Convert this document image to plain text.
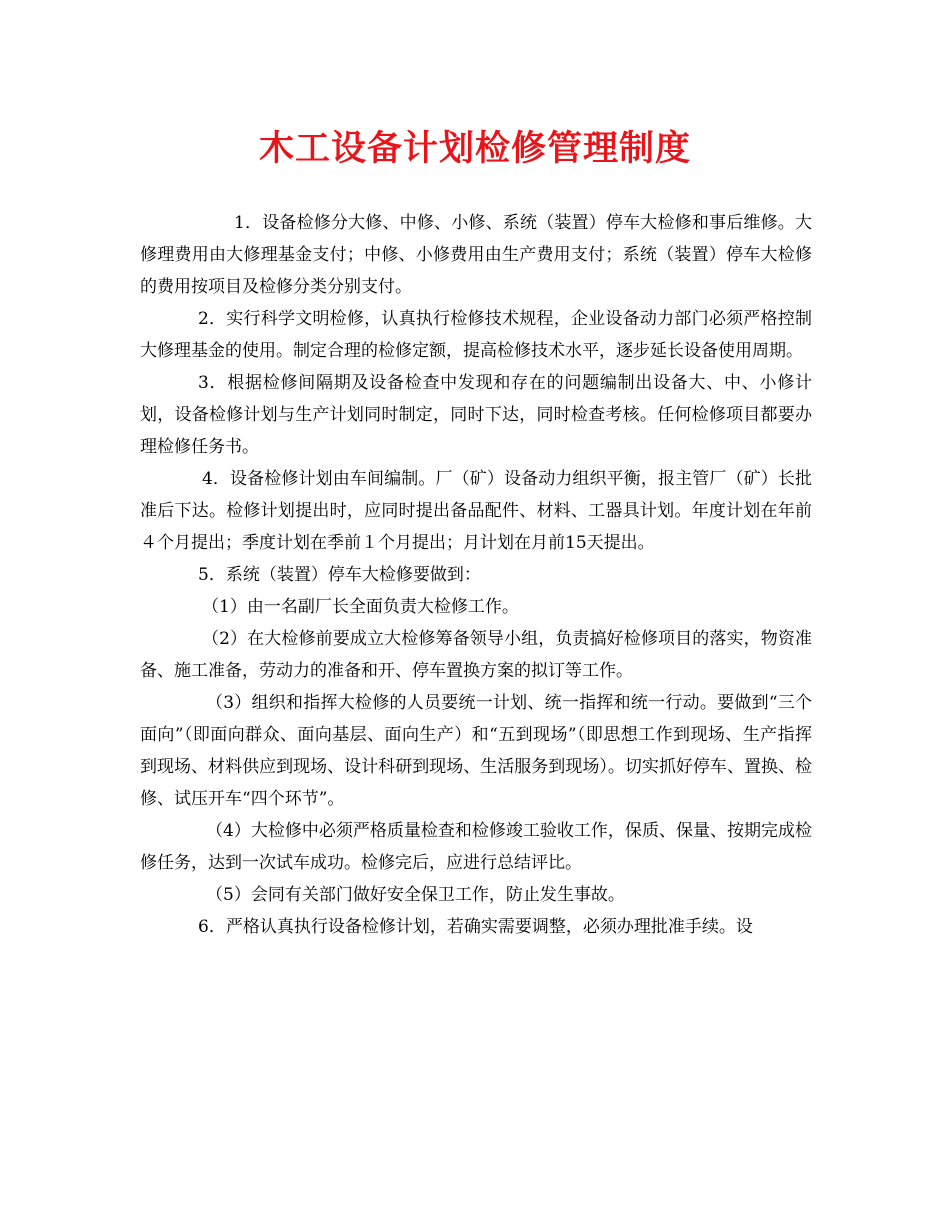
木工设备计划检修管理制度

1．设备检修分大修、中修、小修、系统（装置）停车大检修和事后维修。大修理费用由大修理基金支付；中修、小修费用由生产费用支付；系统（装置）停车大检修的费用按项目及检修分类分别支付。

2．实行科学文明检修，认真执行检修技术规程，企业设备动力部门必须严格控制大修理基金的使用。制定合理的检修定额，提高检修技术水平，逐步延长设备使用周期。

3．根据检修间隔期及设备检查中发现和存在的问题编制出设备大、中、小修计划，设备检修计划与生产计划同时制定，同时下达，同时检查考核。任何检修项目都要办理检修任务书。

4．设备检修计划由车间编制。厂（矿）设备动力组织平衡，报主管厂（矿）长批准后下达。检修计划提出时，应同时提出备品配件、材料、工器具计划。年度计划在年前４个月提出；季度计划在季前１个月提出；月计划在月前15天提出。

5．系统（装置）停车大检修要做到：

（1）由一名副厂长全面负责大检修工作。

（2）在大检修前要成立大检修筹备领导小组，负责搞好检修项目的落实，物资准备、施工准备，劳动力的准备和开、停车置换方案的拟订等工作。

（3）组织和指挥大检修的人员要统一计划、统一指挥和统一行动。要做到“三个面向”（即面向群众、面向基层、面向生产）和“五到现场”（即思想工作到现场、生产指挥到现场、材料供应到现场、设计科研到现场、生活服务到现场）。切实抓好停车、置换、检修、试压开车“四个环节”。

（4）大检修中必须严格质量检查和检修竣工验收工作，保质、保量、按期完成检修任务，达到一次试车成功。检修完后，应进行总结评比。

（5）会同有关部门做好安全保卫工作，防止发生事故。

6．严格认真执行设备检修计划，若确实需要调整，必须办理批准手续。设
